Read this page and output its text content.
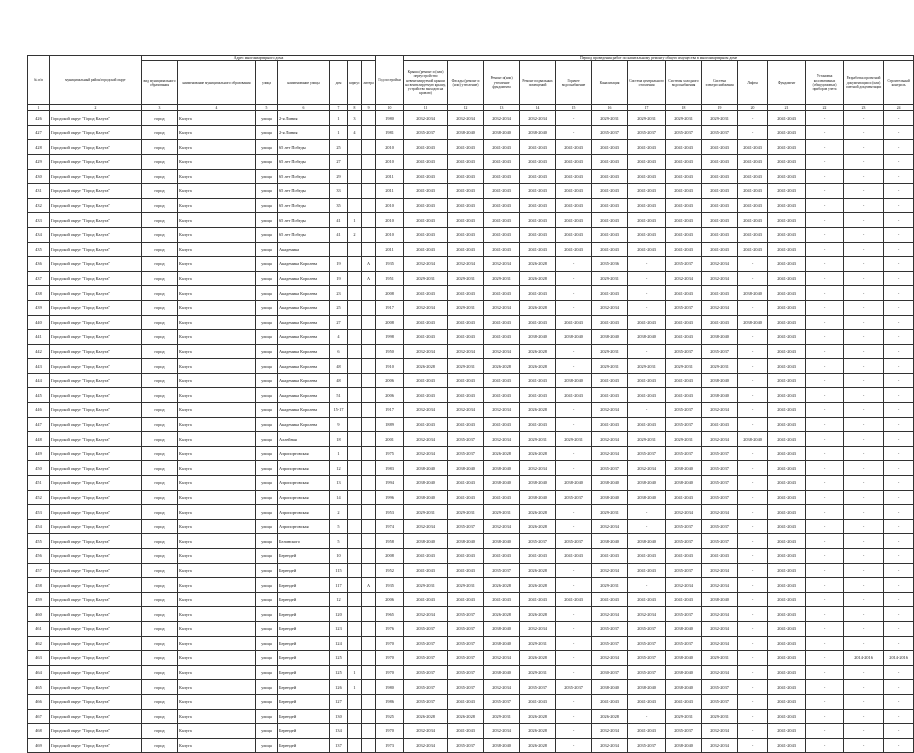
№ п/п	муниципальный район/городской округ	Адрес многоквартирного дома							Год постройки	Период проведения работ по капитальному ремонту общего имущества в многоквартирном доме													
		вид муниципального образования	наименование муниципального образования	улица	наименование улицы	дом	корпус	литера		Крыша (ремонт и (или) переустройство невентилируемой крыши на вентилируемую крышу, устройство выходов на кровлю)	Фасады (ремонт и (или) утепление)	Ремонт и(или) утепление фундамента	Ремонт подвальных помещений	Горячее водоснабжение	Канализация	Система центрального отопления	Системы холодного водоснабжения	Система электроснабжения	Лифты	Фундамент	Установка коллективных (общедомовых) приборов учета	Разработка проектной документации и (или) сметной документации	Строительный контроль
1	2	3	4	5	6	7	8	9	10	11	12	13	14	15	16	17	18	19	20	21	22	23	24
426	Городской округ "Город Калуга"	город	Калуга	улица	2-я Линия	1	3		1980	2032-2034	2032-2034	2032-2034	2032-2034	-	2029-2031	2029-2031	2029-2031	2029-2031	-	2041-2043	-	-	-
427	Городской округ "Город Калуга"	город	Калуга	улица	2-я Линия	1	4		1981	2035-2037	2038-2040	2038-2040	2038-2040	-	2035-2037	2035-2037	2035-2037	2035-2037	-	2041-2043	-	-	-
428	Городской округ "Город Калуга"	город	Калуга	улица	65 лет Победы	25			2010	2041-2043	2041-2043	2041-2043	2041-2043	2041-2043	2041-2043	2041-2043	2041-2043	2041-2043	2041-2043	2041-2043	-	-	-
429	Городской округ "Город Калуга"	город	Калуга	улица	65 лет Победы	27			2010	2041-2043	2041-2043	2041-2043	2041-2043	2041-2043	2041-2043	2041-2043	2041-2043	2041-2043	2041-2043	2041-2043	-	-	-
430	Городской округ "Город Калуга"	город	Калуга	улица	65 лет Победы	29			2011	2041-2043	2041-2043	2041-2043	2041-2043	2041-2043	2041-2043	2041-2043	2041-2043	2041-2043	2041-2043	2041-2043	-	-	-
431	Городской округ "Город Калуга"	город	Калуга	улица	65 лет Победы	33			2011	2041-2043	2041-2043	2041-2043	2041-2043	2041-2043	2041-2043	2041-2043	2041-2043	2041-2043	2041-2043	2041-2043	-	-	-
432	Городской округ "Город Калуга"	город	Калуга	улица	65 лет Победы	35			2010	2041-2043	2041-2043	2041-2043	2041-2043	2041-2043	2041-2043	2041-2043	2041-2043	2041-2043	2041-2043	2041-2043	-	-	-
433	Городской округ "Город Калуга"	город	Калуга	улица	65 лет Победы	41	1		2010	2041-2043	2041-2043	2041-2043	2041-2043	2041-2043	2041-2043	2041-2043	2041-2043	2041-2043	2041-2043	2041-2043	-	-	-
434	Городской округ "Город Калуга"	город	Калуга	улица	65 лет Победы	41	2		2010	2041-2043	2041-2043	2041-2043	2041-2043	2041-2043	2041-2043	2041-2043	2041-2043	2041-2043	2041-2043	2041-2043	-	-	-
435	Городской округ "Город Калуга"	город	Калуга	улица	Академика				2011	2041-2043	2041-2043	2041-2043	2041-2043	2041-2043	2041-2043	2041-2043	2041-2043	2041-2043	2041-2043	2041-2043	-	-	-
436	Городской округ "Город Калуга"	город	Калуга	улица	Академика Королева	19		А	1935	2032-2034	2032-2034	2032-2034	2026-2028	-	2035-2036	-	2035-2037	2032-2034	-	2041-2043	-	-	-
437	Городской округ "Город Калуга"	город	Калуга	улица	Академика Королева	19		А	1951	2029-2031	2029-2031	2029-2031	2026-2028	-	2029-2031	-	2032-2034	2032-2034	-	2041-2043	-	-	-
438	Городской округ "Город Калуга"	город	Калуга	улица	Академика Королева	23			2008	2041-2043	2041-2043	2041-2043	2041-2043	-	2041-2043	-	2041-2043	2041-2043	2038-2040	2041-2043	-	-	-
439	Городской округ "Город Калуга"	город	Калуга	улица	Академика Королева	25			1917	2032-2034	2029-2031	2032-2034	2026-2028	-	2032-2034	-	2035-2037	2032-2034	-	2041-2043	-	-	-
440	Городской округ "Город Калуга"	город	Калуга	улица	Академика Королева	27			2008	2041-2043	2041-2043	2041-2043	2041-2043	2041-2043	2041-2043	2041-2043	2041-2043	2041-2043	2038-2040	2041-2043	-	-	-
441	Городской округ "Город Калуга"	город	Калуга	улица	Академика Королева	4			1998	2041-2043	2041-2043	2041-2043	2038-2040	2038-2040	2038-2040	2038-2040	2041-2043	2038-2040	-	2041-2043	-	-	-
442	Городской округ "Город Калуга"	город	Калуга	улица	Академика Королева	6			1950	2032-2034	2032-2034	2032-2034	2026-2028	-	2029-2031	-	2035-2037	2035-2037	-	2041-2043	-	-	-
443	Городской округ "Город Калуга"	город	Калуга	улица	Академика Королева	48			1910	2026-2028	2029-2031	2026-2028	2026-2028	-	2029-2031	2029-2031	2029-2031	2029-2031	-	2041-2043	-	-	-
444	Городской округ "Город Калуга"	город	Калуга	улица	Академика Королева	48			2006	2041-2043	2041-2043	2041-2043	2041-2043	2038-2040	2041-2043	2041-2043	2041-2043	2038-2040	-	2041-2043	-	-	-
445	Городской округ "Город Калуга"	город	Калуга	улица	Академика Королева	51			2006	2041-2043	2041-2043	2041-2043	2041-2043	2041-2043	2041-2043	2041-2043	2041-2043	2038-2040	-	2041-2043	-	-	-
446	Городской округ "Город Калуга"	город	Калуга	улица	Академика Королева	15-17			1917	2032-2034	2032-2034	2032-2034	2026-2028	-	2032-2034	-	2035-2037	2032-2034	-	2041-2043	-	-	-
447	Городской округ "Город Калуга"	город	Калуга	улица	Академика Королева	9			1889	2041-2043	2041-2043	2041-2043	2041-2043	-	2041-2043	2041-2043	2035-2037	2041-2043	-	2041-2043	-	-	-
448	Городской округ "Город Калуга"	город	Калуга	улица	Аллейная	18			2001	2032-2034	2035-2037	2032-2034	2029-2031	2029-2031	2032-2034	2029-2031	2029-2031	2032-2034	2038-2040	2041-2043	-	-	-
449	Городской округ "Город Калуга"	город	Калуга	улица	Аэропортовская	1			1975	2032-2034	2035-2037	2026-2028	2026-2028	-	2032-2034	2035-2037	2035-2037	2035-2037	-	2041-2043	-	-	-
450	Городской округ "Город Калуга"	город	Калуга	улица	Аэропортовская	12			1983	2038-2040	2038-2040	2038-2040	2032-2034	-	2035-2037	2032-2034	2038-2040	2035-2037	-	2041-2043	-	-	-
451	Городской округ "Город Калуга"	город	Калуга	улица	Аэропортовская	13			1994	2038-2040	2041-2043	2038-2040	2038-2040	2038-2040	2038-2040	2038-2040	2038-2040	2035-2037	-	2041-2043	-	-	-
452	Городской округ "Город Калуга"	город	Калуга	улица	Аэропортовская	14			1996	2038-2040	2041-2043	2041-2043	2038-2040	2035-2037	2038-2040	2038-2040	2041-2043	2035-2037	-	2041-2043	-	-	-
453	Городской округ "Город Калуга"	город	Калуга	улица	Аэропортовская	2			1953	2029-2031	2029-2031	2029-2031	2026-2028	-	2029-2031	-	2032-2034	2032-2034	-	2041-2043	-	-	-
454	Городской округ "Город Калуга"	город	Калуга	улица	Аэропортовская	5			1974	2032-2034	2035-2037	2032-2034	2026-2028	-	2032-2034	-	2035-2037	2035-2037	-	2041-2043	-	-	-
455	Городской округ "Город Калуга"	город	Калуга	улица	Белинского	5			1958	2038-2040	2038-2040	2038-2040	2035-2037	2035-2037	2038-2040	2038-2040	2035-2037	2035-2037	-	2041-2043	-	-	-
456	Городской округ "Город Калуга"	город	Калуга	улица	Берендей	10			2008	2041-2043	2041-2043	2041-2043	2041-2043	2041-2043	2041-2043	2041-2043	2041-2043	2041-2043	-	2041-2043	-	-	-
457	Городской округ "Город Калуга"	город	Калуга	улица	Берендей	115			1952	2041-2043	2041-2043	2035-2037	2026-2028	-	2032-2034	2041-2043	2035-2037	2032-2034	-	2041-2043	-	-	-
458	Городской округ "Город Калуга"	город	Калуга	улица	Берендей	117		А	1935	2029-2031	2029-2031	2026-2028	2026-2028	-	2029-2031	-	2032-2034	2032-2034	-	2041-2043	-	-	-
459	Городской округ "Город Калуга"	город	Калуга	улица	Берендей	12			2006	2041-2043	2041-2043	2041-2043	2041-2043	2041-2043	2041-2043	2041-2043	2041-2043	2038-2040	-	2041-2043	-	-	-
460	Городской округ "Город Калуга"	город	Калуга	улица	Берендей	120			1965	2032-2034	2035-2037	2026-2028	2026-2028	-	2032-2034	2032-2034	2035-2037	2032-2034	-	2041-2043	-	-	-
461	Городской округ "Город Калуга"	город	Калуга	улица	Берендей	123			1976	2035-2037	2035-2037	2038-2040	2032-2034	-	2035-2037	2035-2037	2038-2040	2032-2034	-	2041-2043	-	-	-
462	Городской округ "Город Калуга"	город	Калуга	улица	Берендей	124			1970	2035-2037	2035-2037	2038-2040	2029-2031	-	2035-2037	2035-2037	2035-2037	2032-2034	-	2041-2043	-	-	-
463	Городской округ "Город Калуга"	город	Калуга	улица	Берендей	125			1970	2035-2037	2035-2037	2032-2034	2026-2028	-	2032-2034	2035-2037	2038-2040	2029-2031	-	2041-2043	-	2014-2016	2014-2016
464	Городской округ "Город Калуга"	город	Калуга	улица	Берендей	125	1		1970	2035-2037	2035-2037	2038-2040	2029-2031	-	2030-2037	2035-2037	2038-2040	2032-2034	-	2041-2043	-	-	-
465	Городской округ "Город Калуга"	город	Калуга	улица	Берендей	126	1		1980	2035-2037	2035-2037	2032-2034	2035-2037	2035-2037	2038-2040	2038-2040	2038-2040	2035-2037	-	2041-2043	-	-	-
466	Городской округ "Город Калуга"	город	Калуга	улица	Берендей	127			1986	2035-2037	2041-2043	2035-2037	2041-2043	-	2041-2043	2041-2043	2041-2043	2035-2037	-	2041-2043	-	-	-
467	Городской округ "Город Калуга"	город	Калуга	улица	Берендей	130			1925	2026-2028	2026-2028	2029-2031	2026-2028	-	2026-2028	-	2029-2031	2029-2031	-	2041-2043	-	-	-
468	Городской округ "Город Калуга"	город	Калуга	улица	Берендей	134			1970	2032-2034	2041-2043	2032-2034	2026-2028	-	2032-2034	2041-2043	2035-2037	2032-2034	-	2041-2043	-	-	-
469	Городской округ "Город Калуга"	город	Калуга	улица	Берендей	137			1973	2032-2034	2035-2037	2038-2040	2026-2028	-	2032-2034	2035-2037	2038-2040	2032-2034	-	2041-2043	-	-	-
